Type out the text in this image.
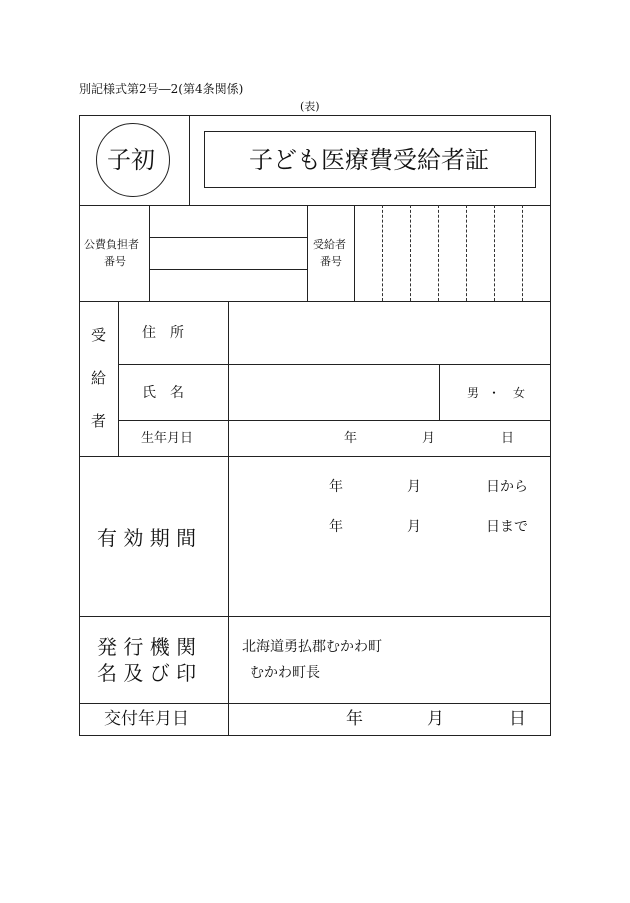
別記様式第2号―2(第4条関係)
(表)
子初	子ども医療費受給者証
公費負担者
番号
受給者
番号
受
給
者
住　所
氏　名	男 ・ 女
生年月日	年	月	日
有 効 期 間
年	月	日から
年	月	日まで
発 行 機 関
名 及 び 印
北海道勇払郡むかわ町
むかわ町長
交付年月日	年	月	日
